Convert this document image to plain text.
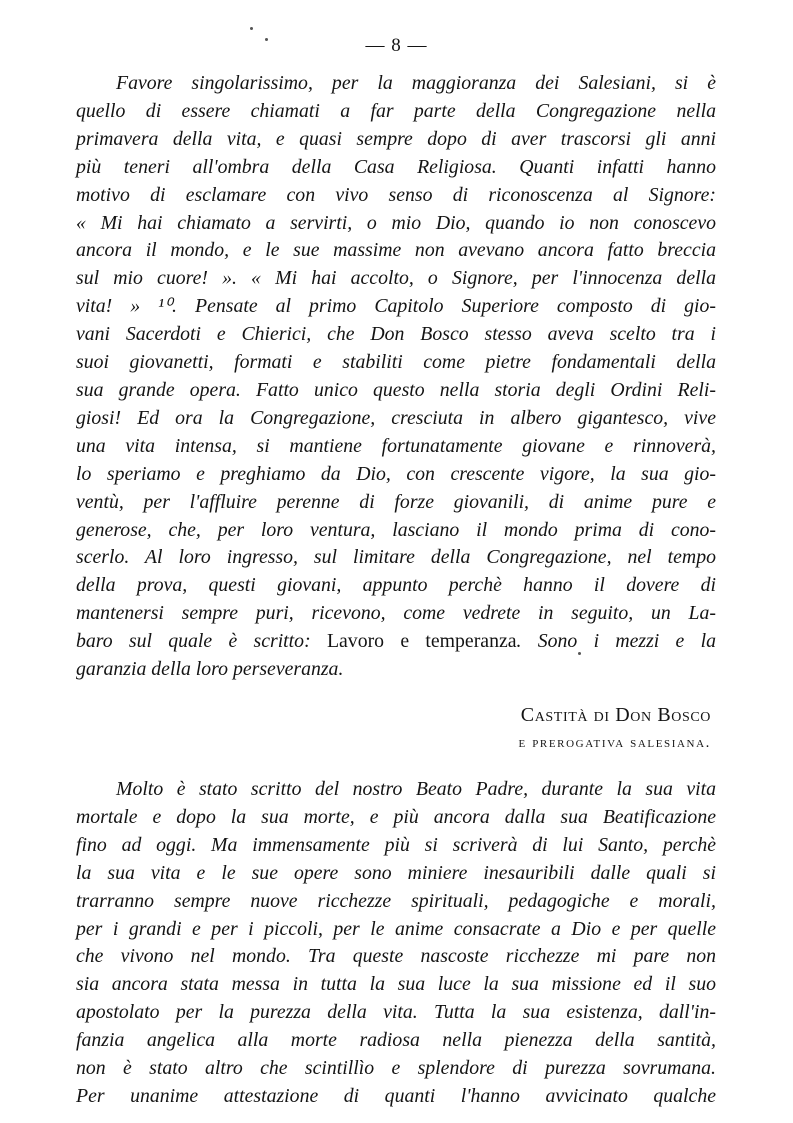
— 8 —

Favore singolarissimo, per la maggioranza dei Salesiani, si è
quello di essere chiamati a far parte della Congregazione nella
primavera della vita, e quasi sempre dopo di aver trascorsi gli anni
più teneri all'ombra della Casa Religiosa. Quanti infatti hanno
motivo di esclamare con vivo senso di riconoscenza al Signore:
« Mi hai chiamato a servirti, o mio Dio, quando io non conoscevo
ancora il mondo, e le sue massime non avevano ancora fatto breccia
sul mio cuore! ». « Mi hai accolto, o Signore, per l'innocenza della
vita! » ¹⁰. Pensate al primo Capitolo Superiore composto di gio-
vani Sacerdoti e Chierici, che Don Bosco stesso aveva scelto tra i
suoi giovanetti, formati e stabiliti come pietre fondamentali della
sua grande opera. Fatto unico questo nella storia degli Ordini Reli-
giosi! Ed ora la Congregazione, cresciuta in albero gigantesco, vive
una vita intensa, si mantiene fortunatamente giovane e rinnoverà,
lo speriamo e preghiamo da Dio, con crescente vigore, la sua gio-
ventù, per l'affluire perenne di forze giovanili, di anime pure e
generose, che, per loro ventura, lasciano il mondo prima di cono-
scerlo. Al loro ingresso, sul limitare della Congregazione, nel tempo
della prova, questi giovani, appunto perchè hanno il dovere di
mantenersi sempre puri, ricevono, come vedrete in seguito, un La-
baro sul quale è scritto: Lavoro e temperanza. Sono i mezzi e la
garanzia della loro perseveranza.

Castità di Don Bosco
e prerogativa salesiana.

Molto è stato scritto del nostro Beato Padre, durante la sua vita
mortale e dopo la sua morte, e più ancora dalla sua Beatificazione
fino ad oggi. Ma immensamente più si scriverà di lui Santo, perchè
la sua vita e le sue opere sono miniere inesauribili dalle quali si
trarranno sempre nuove ricchezze spirituali, pedagogiche e morali,
per i grandi e per i piccoli, per le anime consacrate a Dio e per quelle
che vivono nel mondo. Tra queste nascoste ricchezze mi pare non
sia ancora stata messa in tutta la sua luce la sua missione ed il suo
apostolato per la purezza della vita. Tutta la sua esistenza, dall'in-
fanzia angelica alla morte radiosa nella pienezza della santità,
non è stato altro che scintillìo e splendore di purezza sovrumana.
Per unanime attestazione di quanti l'hanno avvicinato qualche
